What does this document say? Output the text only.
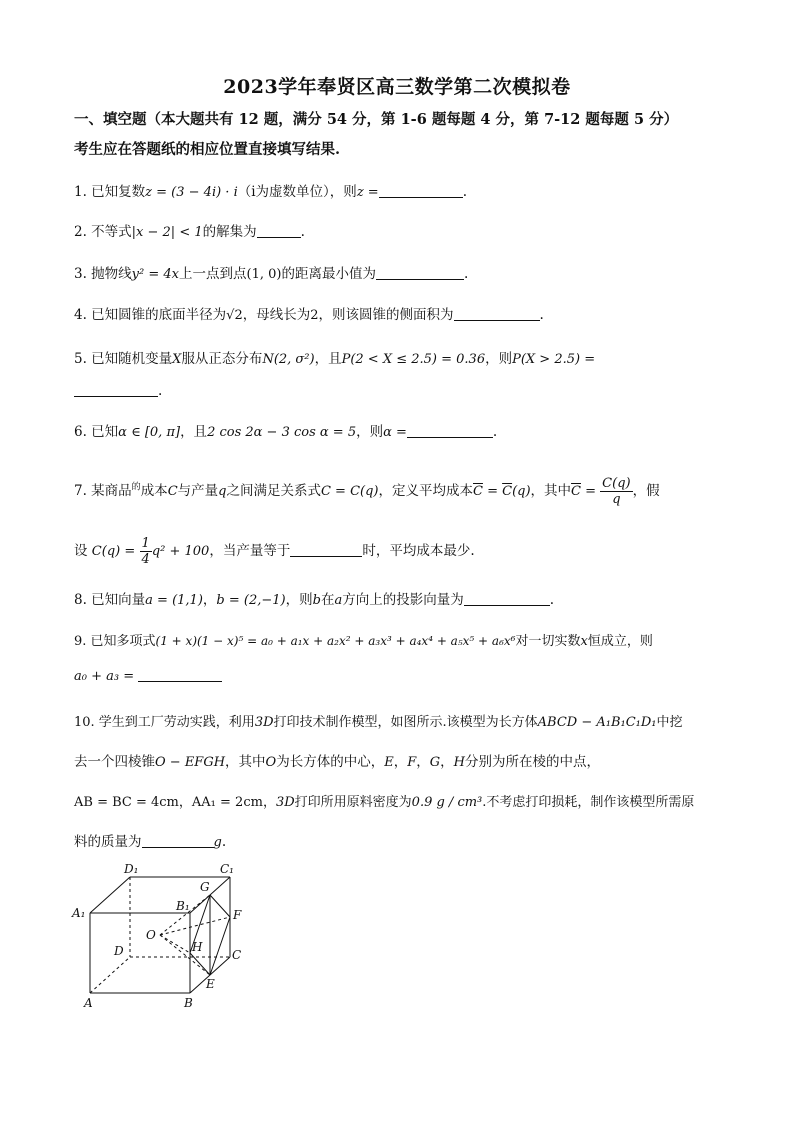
2023学年奉贤区高三数学第二次模拟卷
一、填空题（本大题共有 12 题，满分 54 分，第 1-6 题每题 4 分，第 7-12 题每题 5 分）
考生应在答题纸的相应位置直接填写结果.
1. 已知复数z = (3 − 4i) · i（i为虚数单位），则z =	.
2. 不等式|x − 2| < 1的解集为	.
3. 抛物线y² = 4x上一点到点(1, 0)的距离最小值为	.
4. 已知圆锥的底面半径为√2，母线长为2，则该圆锥的侧面积为	.
5. 已知随机变量X服从正态分布N(2, σ²)，且P(2 < X ≤ 2.5) = 0.36，则P(X > 2.5) =
.
6. 已知α ∈ [0, π]，且2 cos 2α − 3 cos α = 5，则α =	.
7. 某商品$^的$成本C与产量q之间满足关系式C = C(q)，定义平均成本$\overline{C} = \overline{C}(q)$，其中$\overline{C} = \frac{C(q)}{q}$ ，假
设 $C(q) = \frac{1}{4} q^2 + 100$，当产量等于	时，平均成本最少.
8. 已知向量a = (1,1)，b = (2,−1)，则b在a方向上的投影向量为	.
9. 已知多项式(1 + x)(1 − x)⁵ = a₀ + a₁x + a₂x² + a₃x³ + a₄x⁴ + a₅x⁵ + a₆x⁶对一切实数x恒成立，则
a₀ + a₃ =
10. 学生到工厂劳动实践，利用3D打印技术制作模型，如图所示.该模型为长方体ABCD − A₁B₁C₁D₁中挖
去一个四棱锥O − EFGH，其中O为长方体的中心，E，F，G，H分别为所在棱的中点，
AB = BC = 4cm，AA₁ = 2cm，3D打印所用原料密度为0.9 g / cm³.不考虑打印损耗，制作该模型所需原
料的质量为	g.
D₁	C₁
G
A₁	B₁
F
O
D	H
C
E
A	B
